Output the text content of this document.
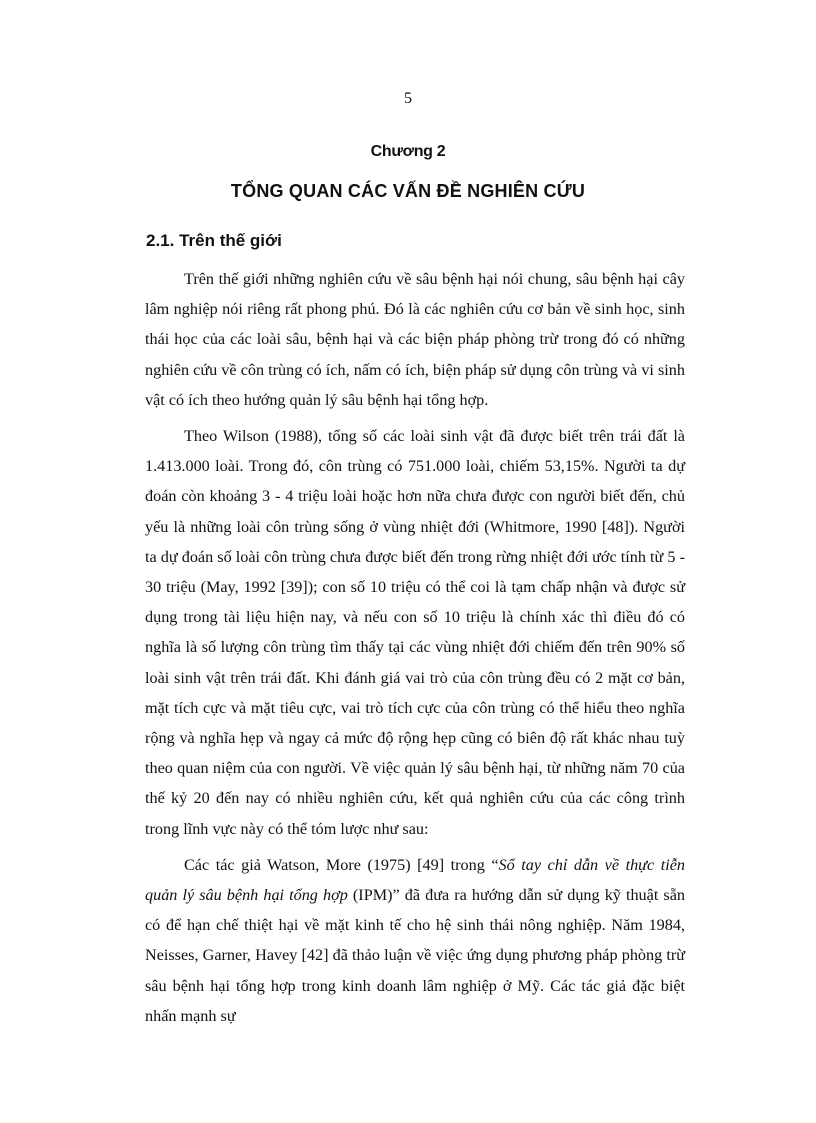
5
Chương 2
TỔNG QUAN CÁC VẤN ĐỀ NGHIÊN CỨU
2.1. Trên thế giới

Trên thế giới những nghiên cứu về sâu bệnh hại nói chung, sâu bệnh hại cây lâm nghiệp nói riêng rất phong phú. Đó là các nghiên cứu cơ bản về sinh học, sinh thái học của các loài sâu, bệnh hại và các biện pháp phòng trừ trong đó có những nghiên cứu về côn trùng có ích, nấm có ích, biện pháp sử dụng côn trùng và vi sinh vật có ích theo hướng quản lý sâu bệnh hại tổng hợp.

Theo Wilson (1988), tổng số các loài sinh vật đã được biết trên trái đất là 1.413.000 loài. Trong đó, côn trùng có 751.000 loài, chiếm 53,15%. Người ta dự đoán còn khoảng 3 - 4 triệu loài hoặc hơn nữa chưa được con người biết đến, chủ yếu là những loài côn trùng sống ở vùng nhiệt đới (Whitmore, 1990 [48]). Người ta dự đoán số loài côn trùng chưa được biết đến trong rừng nhiệt đới ước tính từ 5 - 30 triệu (May, 1992 [39]); con số 10 triệu có thể coi là tạm chấp nhận và được sử dụng trong tài liệu hiện nay, và nếu con số 10 triệu là chính xác thì điều đó có nghĩa là số lượng côn trùng tìm thấy tại các vùng nhiệt đới chiếm đến trên 90% số loài sinh vật trên trái đất. Khi đánh giá vai trò của côn trùng đều có 2 mặt cơ bản, mặt tích cực và mặt tiêu cực, vai trò tích cực của côn trùng có thể hiểu theo nghĩa rộng và nghĩa hẹp và ngay cả mức độ rộng hẹp cũng có biên độ rất khác nhau tuỳ theo quan niệm của con người. Về việc quản lý sâu bệnh hại, từ những năm 70 của thế kỷ 20 đến nay có nhiều nghiên cứu, kết quả nghiên cứu của các công trình trong lĩnh vực này có thể tóm lược như sau:

Các tác giả Watson, More (1975) [49] trong “Sổ tay chỉ dẫn về thực tiễn quản lý sâu bệnh hại tổng hợp (IPM)” đã đưa ra hướng dẫn sử dụng kỹ thuật sẵn có để hạn chế thiệt hại về mặt kinh tế cho hệ sinh thái nông nghiệp. Năm 1984, Neisses, Garner, Havey [42] đã thảo luận về việc ứng dụng phương pháp phòng trừ sâu bệnh hại tổng hợp trong kinh doanh lâm nghiệp ở Mỹ. Các tác giả đặc biệt nhấn mạnh sự
